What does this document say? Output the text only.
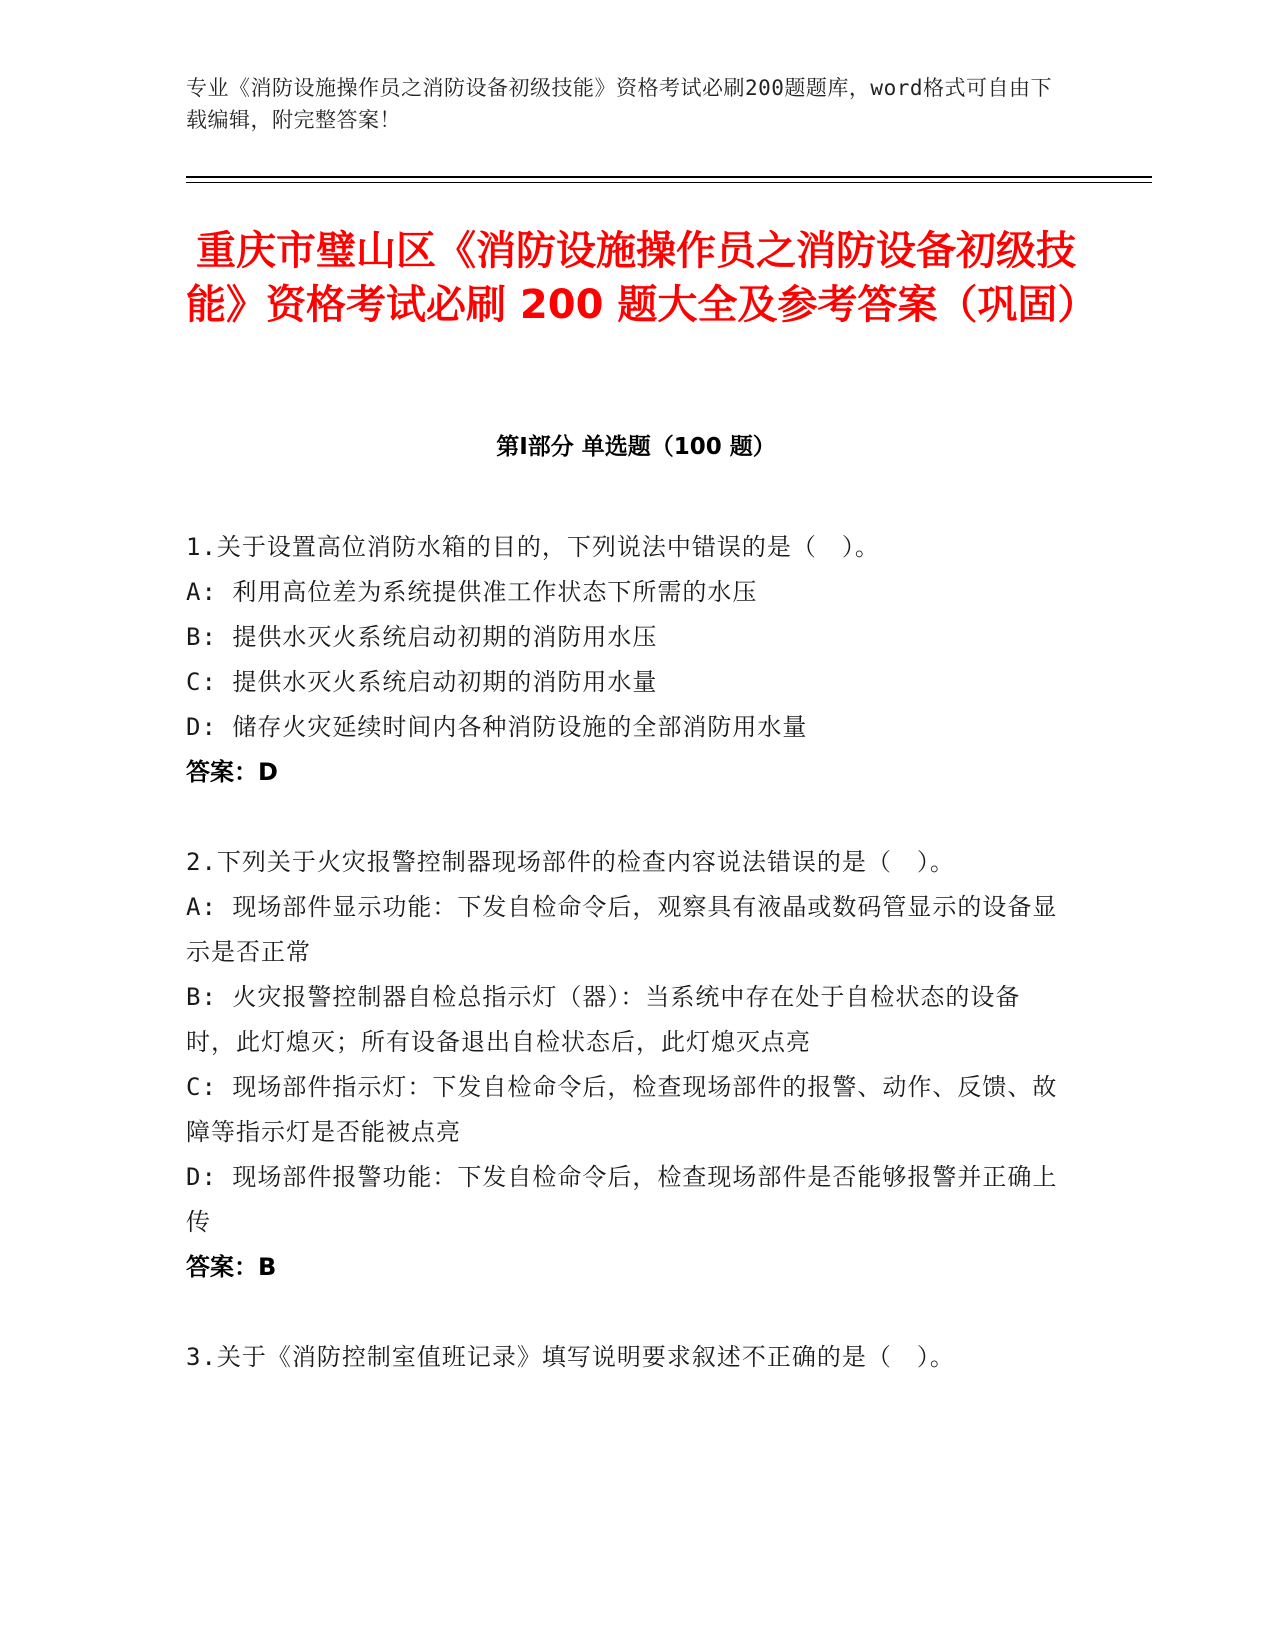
专业《消防设施操作员之消防设备初级技能》资格考试必刷200题题库，word格式可自由下载编辑，附完整答案！
重庆市璧山区《消防设施操作员之消防设备初级技能》资格考试必刷 200 题大全及参考答案（巩固）
第Ⅰ部分 单选题（100 题）
1.关于设置高位消防水箱的目的，下列说法中错误的是（　）。
A: 利用高位差为系统提供准工作状态下所需的水压
B: 提供水灭火系统启动初期的消防用水压
C: 提供水灭火系统启动初期的消防用水量
D: 储存火灾延续时间内各种消防设施的全部消防用水量
答案：D
2.下列关于火灾报警控制器现场部件的检查内容说法错误的是（　）。
A: 现场部件显示功能：下发自检命令后，观察具有液晶或数码管显示的设备显示是否正常
B: 火灾报警控制器自检总指示灯（器）：当系统中存在处于自检状态的设备时，此灯熄灭；所有设备退出自检状态后，此灯熄灭点亮
C: 现场部件指示灯：下发自检命令后，检查现场部件的报警、动作、反馈、故障等指示灯是否能被点亮
D: 现场部件报警功能：下发自检命令后，检查现场部件是否能够报警并正确上传
答案：B
3.关于《消防控制室值班记录》填写说明要求叙述不正确的是（　）。
